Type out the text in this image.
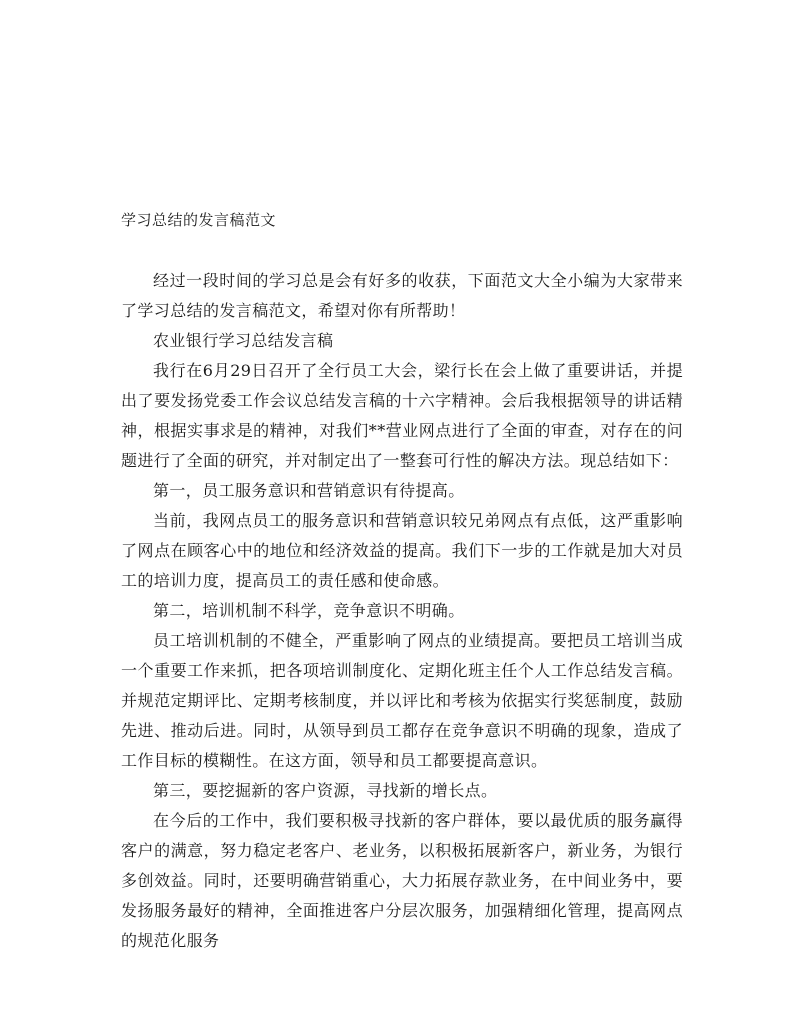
学习总结的发言稿范文

经过一段时间的学习总是会有好多的收获，下面范文大全小编为大家带来了学习总结的发言稿范文，希望对你有所帮助！

农业银行学习总结发言稿

我行在6月29日召开了全行员工大会，梁行长在会上做了重要讲话，并提出了要发扬党委工作会议总结发言稿的十六字精神。会后我根据领导的讲话精神，根据实事求是的精神，对我们**营业网点进行了全面的审查，对存在的问题进行了全面的研究，并对制定出了一整套可行性的解决方法。现总结如下：

第一，员工服务意识和营销意识有待提高。

当前，我网点员工的服务意识和营销意识较兄弟网点有点低，这严重影响了网点在顾客心中的地位和经济效益的提高。我们下一步的工作就是加大对员工的培训力度，提高员工的责任感和使命感。

第二，培训机制不科学，竞争意识不明确。

员工培训机制的不健全，严重影响了网点的业绩提高。要把员工培训当成一个重要工作来抓，把各项培训制度化、定期化班主任个人工作总结发言稿。并规范定期评比、定期考核制度，并以评比和考核为依据实行奖惩制度，鼓励先进、推动后进。同时，从领导到员工都存在竞争意识不明确的现象，造成了工作目标的模糊性。在这方面，领导和员工都要提高意识。

第三，要挖掘新的客户资源，寻找新的增长点。

在今后的工作中，我们要积极寻找新的客户群体，要以最优质的服务赢得客户的满意，努力稳定老客户、老业务，以积极拓展新客户，新业务，为银行多创效益。同时，还要明确营销重心，大力拓展存款业务，在中间业务中，要发扬服务最好的精神，全面推进客户分层次服务，加强精细化管理，提高网点的规范化服务
